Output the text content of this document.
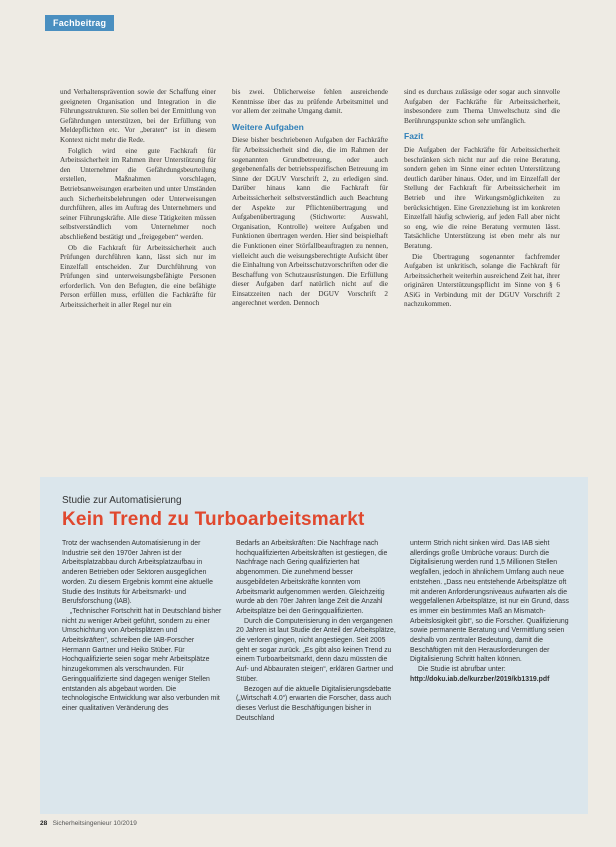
Fachbeitrag

und Verhaltensprävention sowie der Schaffung einer geeigneten Organisation und Integration in die Führungsstrukturen. Sie sollen bei der Ermittlung von Gefährdungen unterstützen, bei der Erfüllung von Meldepflichten etc. Vor „beraten“ ist in diesem Kontext nicht mehr die Rede.

Folglich wird eine gute Fachkraft für Arbeitssicherheit im Rahmen ihrer Unterstützung für den Unternehmer die Gefährdungsbeurteilung erstellen, Maßnahmen vorschlagen, Betriebsanweisungen erarbeiten und unter Umständen auch Sicherheitsbelehrungen oder Unterweisungen durchführen, alles im Auftrag des Unternehmers und seiner Führungskräfte. Alle diese Tätigkeiten müssen selbstverständlich vom Unternehmer noch abschließend bestätigt und „freigegeben“ werden.

Ob die Fachkraft für Arbeitssicherheit auch Prüfungen durchführen kann, lässt sich nur im Einzelfall entscheiden. Zur Durchführung von Prüfungen sind unterweisungsbefähigte Personen erforderlich. Von den Befugten, die eine befähigte Person erfüllen muss, erfüllen die Fachkräfte für Arbeitssicherheit in aller Regel nur ein

bis zwei. Üblicherweise fehlen ausreichende Kenntnisse über das zu prüfende Arbeitsmittel und vor allem der zeitnahe Umgang damit.

Weitere Aufgaben

Diese bisher beschriebenen Aufgaben der Fachkräfte für Arbeitssicherheit sind die, die im Rahmen der sogenannten Grundbetreuung, oder auch gegebenenfalls der betriebsspezifischen Betreuung im Sinne der DGUV Vorschrift 2, zu erledigen sind. Darüber hinaus kann die Fachkraft für Arbeitssicherheit selbstverständlich auch Beachtung der Aspekte zur Pflichtenübertragung und Aufgabenübertragung (Stichworte: Auswahl, Organisation, Kontrolle) weitere Aufgaben und Funktionen übertragen werden. Hier sind beispielhaft die Funktionen einer Störfallbeauftragten zu nennen, vielleicht auch die weisungsberechtigte Aufsicht über die Einhaltung von Arbeitsschutzvorschriften oder die Beschaffung von Schutzausrüstungen. Die Erfüllung dieser Aufgaben darf natürlich nicht auf die Einsatzzeiten nach der DGUV Vorschrift 2 angerechnet werden. Dennoch

sind es durchaus zulässige oder sogar auch sinnvolle Aufgaben der Fachkräfte für Arbeitssicherheit, insbesondere zum Thema Umweltschutz sind die Berührungspunkte schon sehr umfänglich.

Fazit

Die Aufgaben der Fachkräfte für Arbeitssicherheit beschränken sich nicht nur auf die reine Beratung, sondern gehen im Sinne einer echten Unterstützung deutlich darüber hinaus. Oder, und im Einzelfall der Stellung der Fachkraft für Arbeitssicherheit im Betrieb und ihre Wirkungsmöglichkeiten zu berücksichtigen. Eine Grenzziehung ist im konkreten Einzelfall häufig schwierig, auf jeden Fall aber nicht so eng, wie die reine Beratung vermuten lässt. Tatsächliche Unterstützung ist eben mehr als nur Beratung.

Die Übertragung sogenannter fachfremder Aufgaben ist unkritisch, solange die Fachkraft für Arbeitssicherheit weiterhin ausreichend Zeit hat, ihrer originären Unterstützungspflicht im Sinne von § 6 ASiG in Verbindung mit der DGUV Vorschrift 2 nachzukommen.

Studie zur Automatisierung
Kein Trend zu Turboarbeitsmarkt

Trotz der wachsenden Automatisierung in der Industrie seit den 1970er Jahren ist der Arbeitsplatzabbau durch Arbeitsplatzaufbau in anderen Betrieben oder Sektoren ausgeglichen worden. Zu diesem Ergebnis kommt eine aktuelle Studie des Instituts für Arbeitsmarkt- und Berufsforschung (IAB).

„Technischer Fortschritt hat in Deutschland bisher nicht zu weniger Arbeit geführt, sondern zu einer Umschichtung von Arbeitsplätzen und Arbeitskräften“, schreiben die IAB-Forscher Hermann Gartner und Heiko Stüber. Für Hochqualifizierte seien sogar mehr Arbeitsplätze hinzugekommen als verschwunden. Für Geringqualifizierte sind dagegen weniger Stellen entstanden als abgebaut worden. Die technologische Entwicklung war also verbunden mit einer qualitativen Veränderung des

Bedarfs an Arbeitskräften: Die Nachfrage nach hochqualifizierten Arbeitskräften ist gestiegen, die Nachfrage nach Gering qualifizierten hat abgenommen. Die zunehmend besser ausgebildeten Arbeitskräfte konnten vom Arbeitsmarkt aufgenommen werden. Gleichzeitig wurde ab den 70er Jahren lange Zeit die Anzahl Arbeitsplätze bei den Geringqualifizierten.

Durch die Computerisierung in den vergangenen 20 Jahren ist laut Studie der Anteil der Arbeitsplätze, die verloren gingen, nicht angestiegen. Seit 2005 geht er sogar zurück. „Es gibt also keinen Trend zu einem Turboarbeitsmarkt, denn dazu müssten die Auf- und Abbauraten steigen“, erklären Gartner und Stüber.

Bezogen auf die aktuelle Digitalisierungsdebatte („Wirtschaft 4.0“) erwarten die Forscher, dass auch dieses Verlust die Beschäftigungen bisher in Deutschland

unterm Strich nicht sinken wird. Das IAB sieht allerdings große Umbrüche voraus: Durch die Digitalisierung werden rund 1,5 Millionen Stellen wegfallen, jedoch in ähnlichem Umfang auch neue entstehen. „Dass neu entstehende Arbeitsplätze oft mit anderen Anforderungsniveaus aufwarten als die weggefallenen Arbeitsplätze, ist nur ein Grund, dass es immer ein bestimmtes Maß an Mismatch-Arbeitslosigkeit gibt“, so die Forscher. Qualifizierung sowie permanente Beratung und Vermittlung seien deshalb von zentraler Bedeutung, damit die Beschäftigten mit den Herausforderungen der Digitalisierung Schritt halten können.

Die Studie ist abrufbar unter:

http://doku.iab.de/kurzber/2019/kb1319.pdf

28 Sicherheitsingenieur 10/2019
